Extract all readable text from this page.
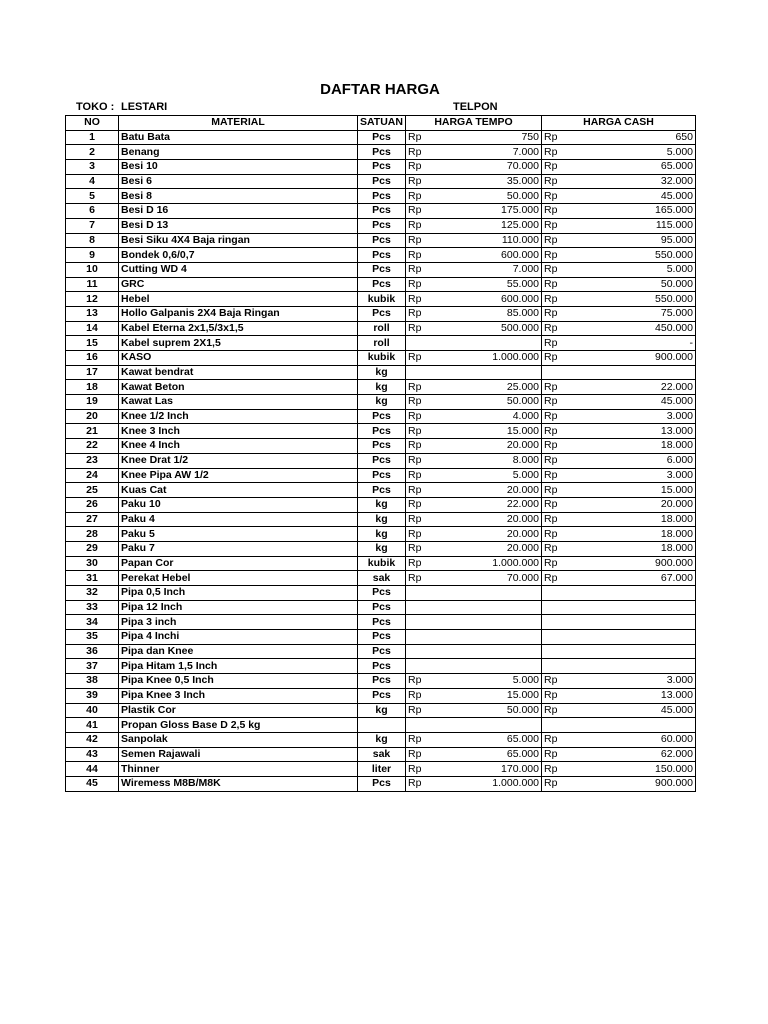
DAFTAR HARGA
TOKO : LESTARI	TELPON
NO	MATERIAL	SATUAN	HARGA TEMPO	HARGA CASH
1	Batu Bata	Pcs	Rp 750	Rp 650

2	Benang	Pcs	Rp 7.000	Rp 5.000

3	Besi 10	Pcs	Rp 70.000	Rp 65.000

4	Besi 6	Pcs	Rp 35.000	Rp 32.000

5	Besi 8	Pcs	Rp 50.000	Rp 45.000

6	Besi D 16	Pcs	Rp 175.000	Rp 165.000

7	Besi D 13	Pcs	Rp 125.000	Rp 115.000

8	Besi Siku 4X4 Baja ringan	Pcs	Rp 110.000	Rp 95.000

9	Bondek 0,6/0,7	Pcs	Rp 600.000	Rp 550.000

10	Cutting WD 4	Pcs	Rp 7.000	Rp 5.000

11	GRC	Pcs	Rp 55.000	Rp 50.000

12	Hebel	kubik	Rp 600.000	Rp 550.000

13	Hollo Galpanis 2X4 Baja Ringan	Pcs	Rp 85.000	Rp 75.000

14	Kabel Eterna 2x1,5/3x1,5	roll	Rp 500.000	Rp 450.000

15	Kabel suprem 2X1,5	roll		Rp -

16	KASO	kubik	Rp 1.000.000	Rp 900.000

17	Kawat bendrat	kg	

18	Kawat Beton	kg	Rp 25.000	Rp 22.000

19	Kawat Las	kg	Rp 50.000	Rp 45.000

20	Knee 1/2 Inch	Pcs	Rp 4.000	Rp 3.000

21	Knee 3 Inch	Pcs	Rp 15.000	Rp 13.000

22	Knee 4 Inch	Pcs	Rp 20.000	Rp 18.000

23	Knee Drat 1/2	Pcs	Rp 8.000	Rp 6.000

24	Knee Pipa AW 1/2	Pcs	Rp 5.000	Rp 3.000

25	Kuas Cat	Pcs	Rp 20.000	Rp 15.000

26	Paku 10	kg	Rp 22.000	Rp 20.000

27	Paku 4	kg	Rp 20.000	Rp 18.000

28	Paku 5	kg	Rp 20.000	Rp 18.000

29	Paku 7	kg	Rp 20.000	Rp 18.000

30	Papan Cor	kubik	Rp 1.000.000	Rp 900.000

31	Perekat Hebel	sak	Rp 70.000	Rp 67.000

32	Pipa 0,5 Inch	Pcs	

33	Pipa 12 Inch	Pcs	

34	Pipa 3 inch	Pcs	

35	Pipa 4 Inchi	Pcs	

36	Pipa dan Knee	Pcs	

37	Pipa Hitam 1,5 Inch	Pcs	

38	Pipa Knee 0,5 Inch	Pcs	Rp 5.000	Rp 3.000

39	Pipa Knee 3 Inch	Pcs	Rp 15.000	Rp 13.000

40	Plastik Cor	kg	Rp 50.000	Rp 45.000

41	Propan Gloss Base D 2,5 kg		

42	Sanpolak	kg	Rp 65.000	Rp 60.000

43	Semen Rajawali	sak	Rp 65.000	Rp 62.000

44	Thinner	liter	Rp 170.000	Rp 150.000

45	Wiremess M8B/M8K	Pcs	Rp 1.000.000	Rp 900.000
